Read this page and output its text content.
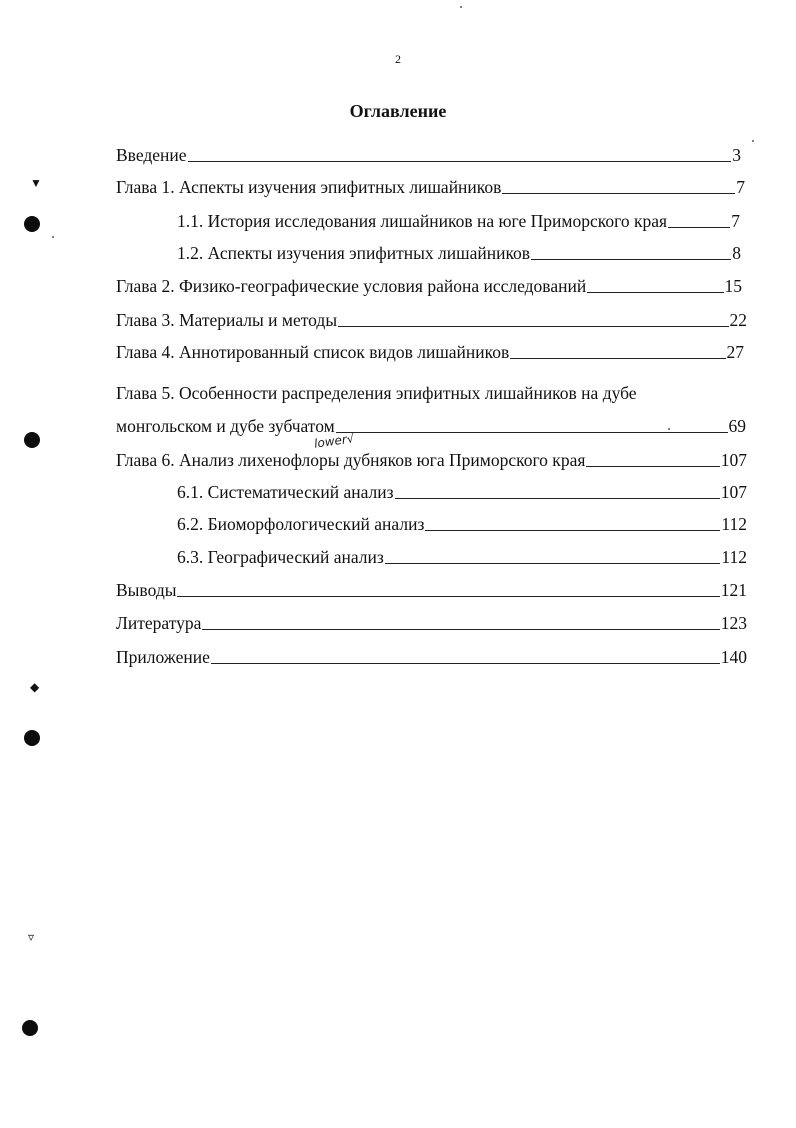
2
Оглавление
Введение	3
Глава 1. Аспекты изучения эпифитных лишайников	7
1.1. История исследования лишайников на юге Приморского края	7
1.2. Аспекты изучения эпифитных лишайников	8
Глава 2. Физико-географические условия района исследований	15
Глава 3. Материалы и методы	22
Глава 4. Аннотированный список видов лишайников	27
Глава 5. Особенности распределения эпифитных лишайников на дубе
монгольском и дубе зубчатом	69
lower√
Глава 6. Анализ лихенофлоры дубняков юга Приморского края	107
6.1. Систематический анализ	107
6.2. Биоморфологический анализ	112
6.3. Географический анализ	112
Выводы	121
Литература	123
Приложение	140
▼
◆
▿
